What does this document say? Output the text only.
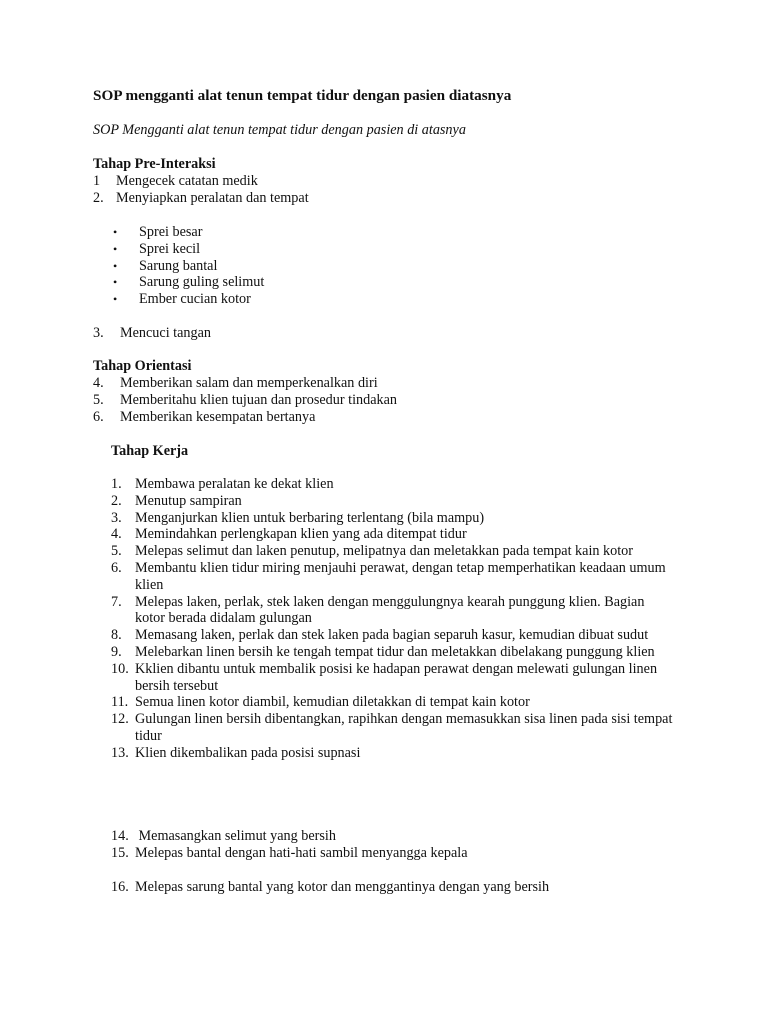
SOP mengganti alat tenun tempat tidur dengan pasien diatasnya
SOP Mengganti alat tenun tempat tidur dengan pasien di atasnya
Tahap Pre-Interaksi
1	Mengecek catatan medik
2. Menyiapkan peralatan dan tempat
•	Sprei besar
•	Sprei kecil
•	Sarung bantal
•	Sarung guling selimut
•	Ember cucian kotor
3.	Mencuci tangan
Tahap Orientasi
4.	Memberikan salam dan memperkenalkan diri
5.	Memberitahu klien tujuan dan prosedur tindakan
6.	Memberikan kesempatan bertanya
Tahap Kerja
1. Membawa peralatan ke dekat klien
2. Menutup sampiran
3. Menganjurkan klien untuk berbaring terlentang (bila mampu)
4. Memindahkan perlengkapan klien yang ada ditempat tidur
5. Melepas selimut dan laken penutup, melipatnya dan meletakkan pada tempat kain kotor
6. Membantu klien tidur miring menjauhi perawat, dengan tetap memperhatikan keadaan umum klien
7. Melepas laken, perlak, stek laken dengan menggulungnya kearah punggung klien. Bagian kotor berada didalam gulungan
8. Memasang laken, perlak dan stek laken pada bagian separuh kasur, kemudian dibuat sudut
9. Melebarkan linen bersih ke tengah tempat tidur dan meletakkan dibelakang punggung klien
10. Kklien dibantu untuk membalik posisi ke hadapan perawat dengan melewati gulungan linen bersih tersebut
11. Semua linen kotor diambil, kemudian diletakkan di tempat kain kotor
12. Gulungan linen bersih dibentangkan, rapihkan dengan memasukkan sisa linen pada sisi tempat tidur
13. Klien dikembalikan pada posisi supnasi
14. Memasangkan selimut yang bersih
15. Melepas bantal dengan hati-hati sambil menyangga kepala
16. Melepas sarung bantal yang kotor dan menggantinya dengan yang bersih
